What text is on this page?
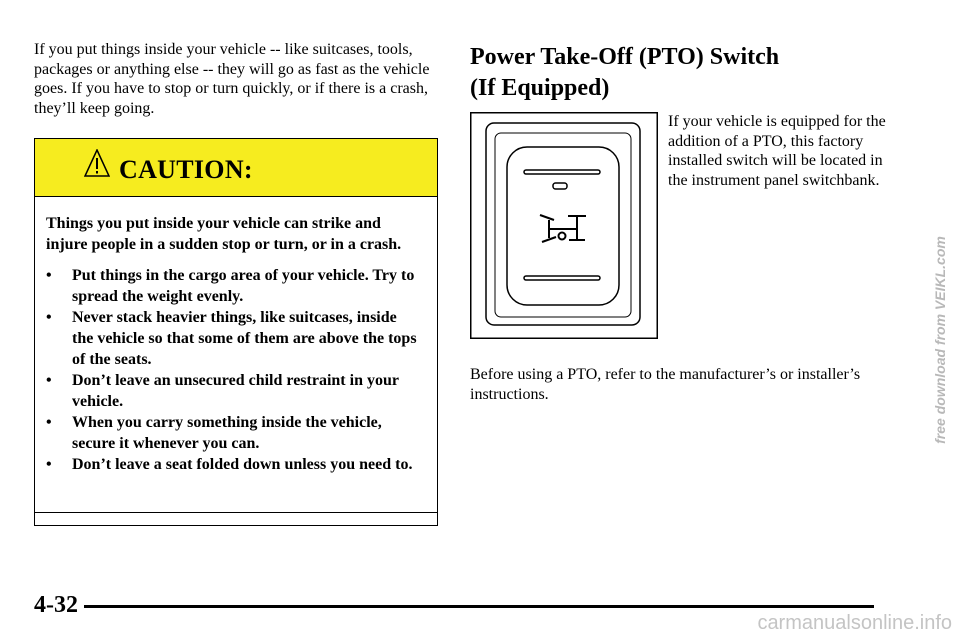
If you put things inside your vehicle -- like suitcases, tools, packages or anything else -- they will go as fast as the vehicle goes. If you have to stop or turn quickly, or if there is a crash, they’ll keep going.
CAUTION:

Things you put inside your vehicle can strike and injure people in a sudden stop or turn, or in a crash.

• Put things in the cargo area of your vehicle. Try to spread the weight evenly.
• Never stack heavier things, like suitcases, inside the vehicle so that some of them are above the tops of the seats.
• Don’t leave an unsecured child restraint in your vehicle.
• When you carry something inside the vehicle, secure it whenever you can.
• Don’t leave a seat folded down unless you need to.
Power Take-Off (PTO) Switch
(If Equipped)
If your vehicle is equipped for the addition of a PTO, this factory installed switch will be located in the instrument panel switchbank.
Before using a PTO, refer to the manufacturer’s or installer’s instructions.
4-32
free download from VEIKL.com
carmanualsonline.info
